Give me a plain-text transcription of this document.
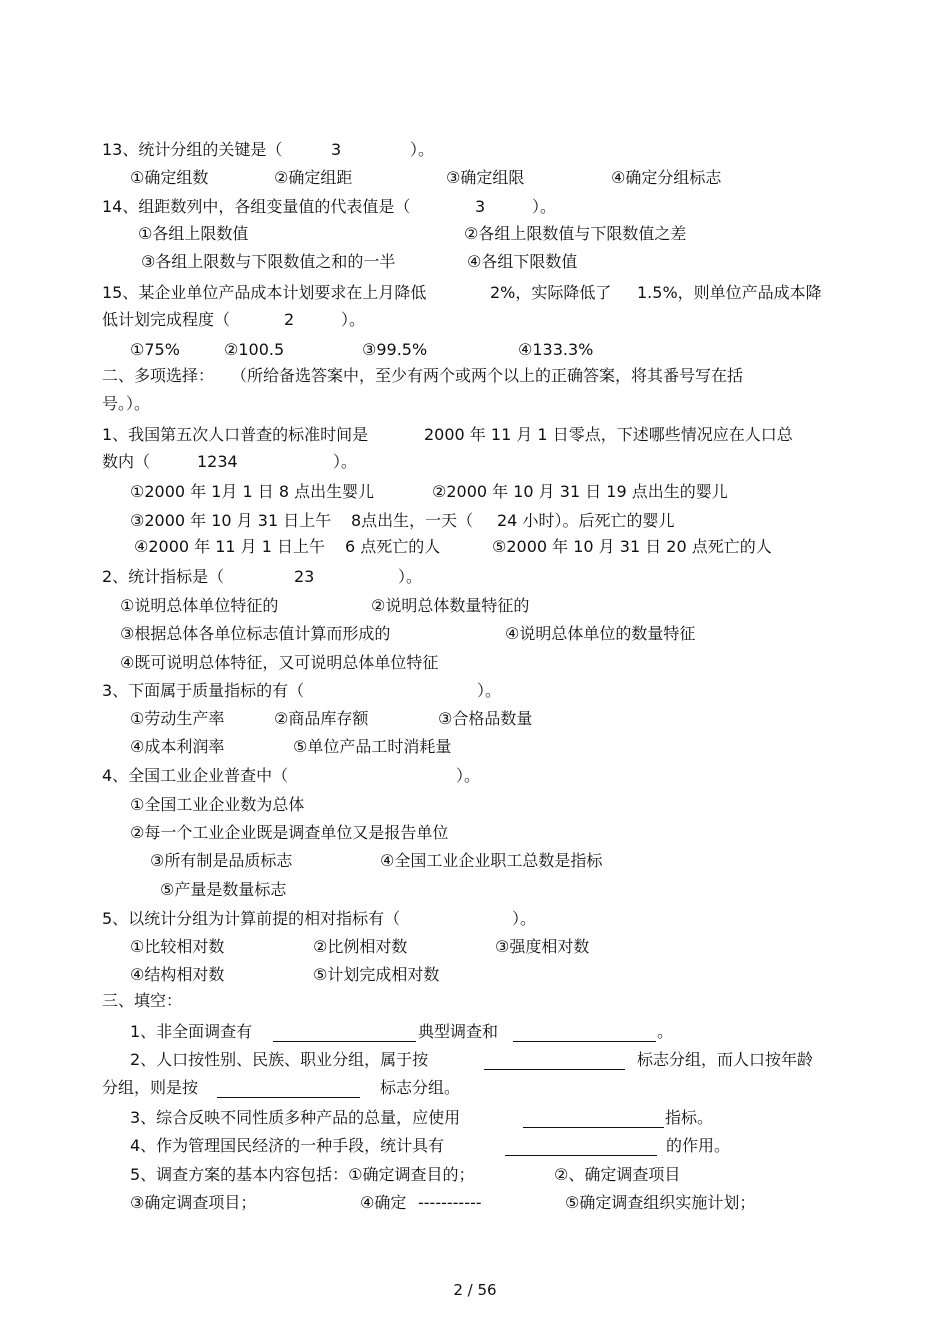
13、统计分组的关键是（	3	）。
①确定组数	②确定组距	③确定组限	④确定分组标志
14、组距数列中，各组变量值的代表值是（	3	）。
①各组上限数值	②各组上限数值与下限数值之差
③各组上限数与下限数值之和的一半	④各组下限数值
15、某企业单位产品成本计划要求在上月降低	2%，实际降低了 1.5%，则单位产品成本降
低计划完成程度（	2	）。
①75%	②100.5	③99.5%	④133.3%
二、多项选择： （所给备选答案中，至少有两个或两个以上的正确答案，将其番号写在括
号。）。
1、我国第五次人口普查的标准时间是	2000 年 11 月 1 日零点，下述哪些情况应在人口总
数内（	1234	）。
①2000 年 1月 1 日 8 点出生婴儿	②2000 年 10 月 31 日 19 点出生的婴儿
③2000 年 10 月 31 日上午 8点出生，一天（ 24 小时）。后死亡的婴儿
④2000 年 11 月 1 日上午 6 点死亡的人	⑤2000 年 10 月 31 日 20 点死亡的人
2、统计指标是（	23	）。
①说明总体单位特征的	②说明总体数量特征的
③根据总体各单位标志值计算而形成的	④说明总体单位的数量特征
④既可说明总体特征，又可说明总体单位特征
3、下面属于质量指标的有（	）。
①劳动生产率	②商品库存额	③合格品数量
④成本利润率	⑤单位产品工时消耗量
4、全国工业企业普查中（	）。
①全国工业企业数为总体
②每一个工业企业既是调查单位又是报告单位
③所有制是品质标志	④全国工业企业职工总数是指标
⑤产量是数量标志
5、以统计分组为计算前提的相对指标有（	）。
①比较相对数	②比例相对数	③强度相对数
④结构相对数	⑤计划完成相对数
三、填空：
1、非全面调查有	典型调查和	。
2、人口按性别、民族、职业分组，属于按	标志分组，而人口按年龄
分组，则是按	标志分组。
3、综合反映不同性质多种产品的总量，应使用	指标。
4、作为管理国民经济的一种手段，统计具有	的作用。
5、调查方案的基本内容包括：①确定调查目的；	②、确定调查项目
③确定调查项目；	④确定 -----------	⑤确定调查组织实施计划；
2 / 56
